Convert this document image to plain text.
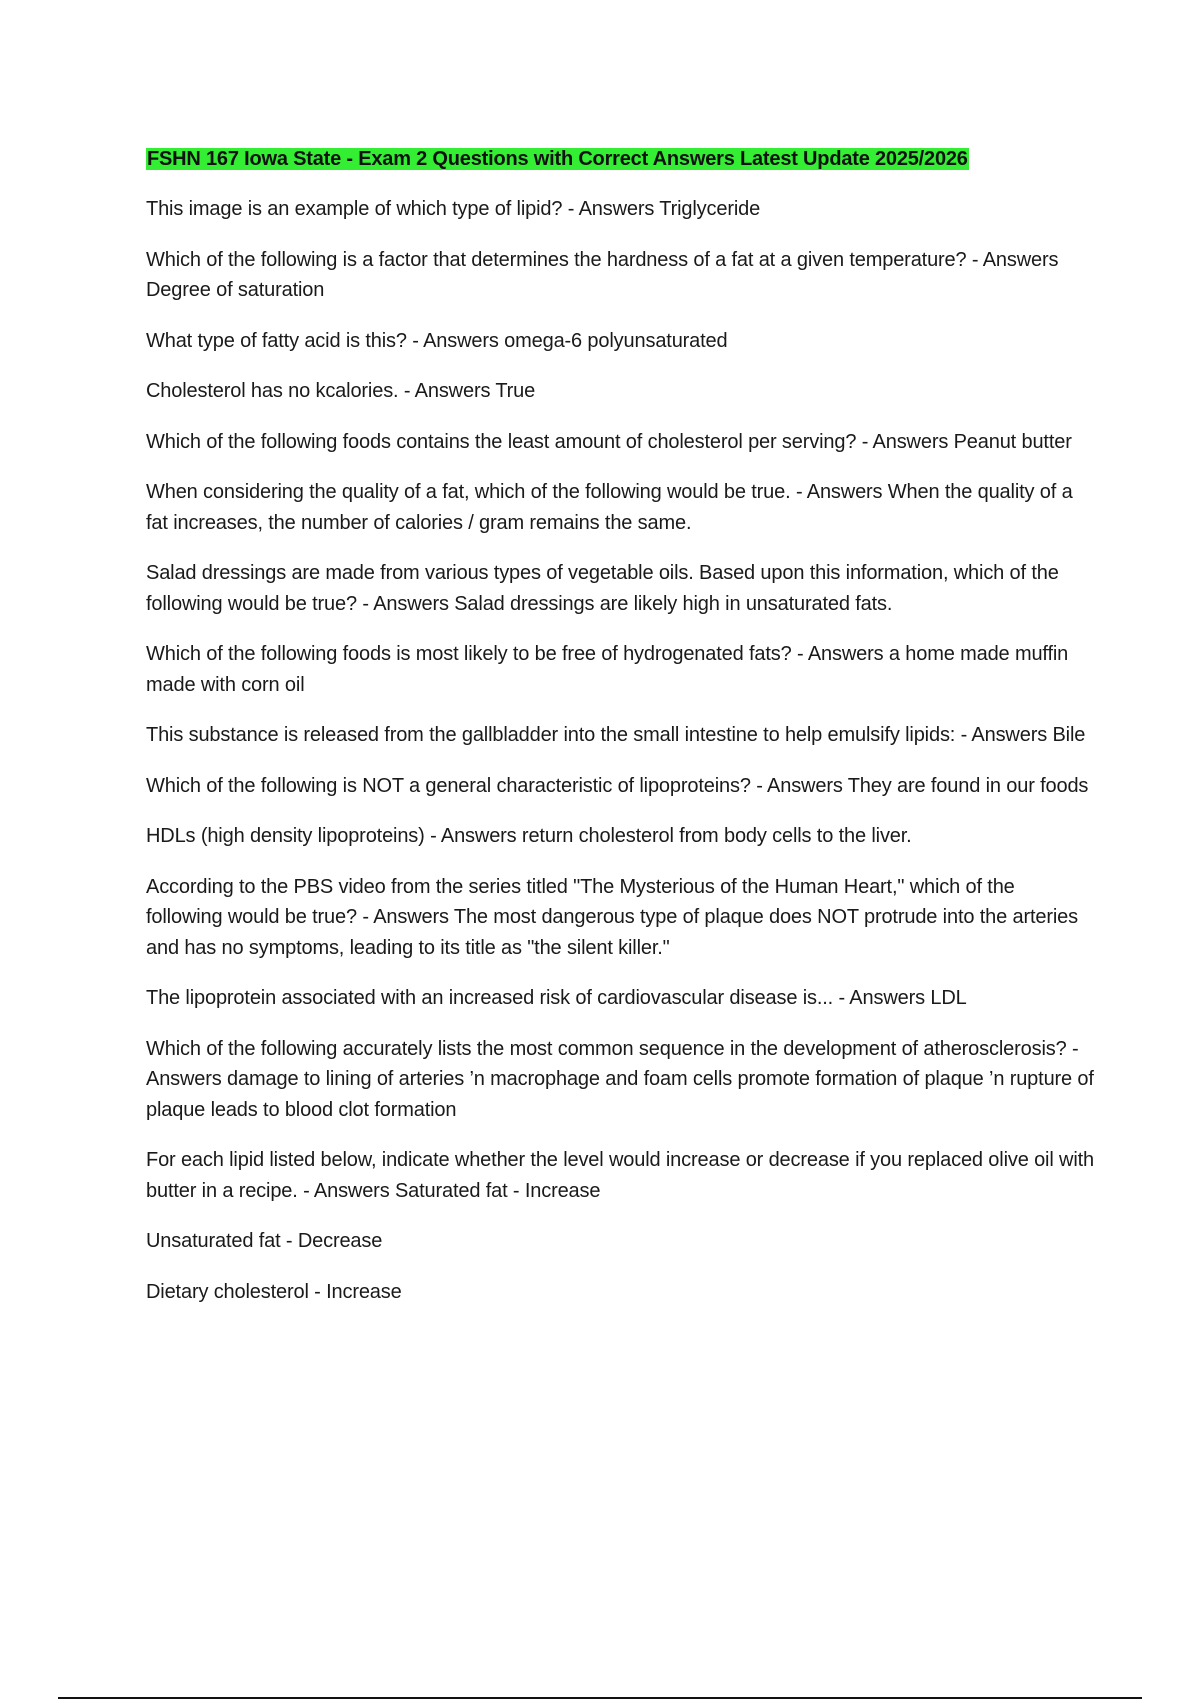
FSHN 167 Iowa State - Exam 2 Questions with Correct Answers Latest Update 2025/2026

This image is an example of which type of lipid? - Answers Triglyceride

Which of the following is a factor that determines the hardness of a fat at a given temperature? - Answers Degree of saturation

What type of fatty acid is this? - Answers omega-6 polyunsaturated

Cholesterol has no kcalories. - Answers True

Which of the following foods contains the least amount of cholesterol per serving? - Answers Peanut butter

When considering the quality of a fat, which of the following would be true. - Answers When the quality of a fat increases, the number of calories / gram remains the same.

Salad dressings are made from various types of vegetable oils. Based upon this information, which of the following would be true? - Answers Salad dressings are likely high in unsaturated fats.

Which of the following foods is most likely to be free of hydrogenated fats? - Answers a home made muffin made with corn oil

This substance is released from the gallbladder into the small intestine to help emulsify lipids: - Answers Bile

Which of the following is NOT a general characteristic of lipoproteins? - Answers They are found in our foods

HDLs (high density lipoproteins) - Answers return cholesterol from body cells to the liver.

According to the PBS video from the series titled "The Mysterious of the Human Heart," which of the following would be true? - Answers The most dangerous type of plaque does NOT protrude into the arteries and has no symptoms, leading to its title as "the silent killer."

The lipoprotein associated with an increased risk of cardiovascular disease is... - Answers LDL

Which of the following accurately lists the most common sequence in the development of atherosclerosis? - Answers damage to lining of arteries ’n macrophage and foam cells promote formation of plaque ’n rupture of plaque leads to blood clot formation

For each lipid listed below, indicate whether the level would increase or decrease if you replaced olive oil with butter in a recipe. - Answers Saturated fat - Increase

Unsaturated fat - Decrease

Dietary cholesterol - Increase
